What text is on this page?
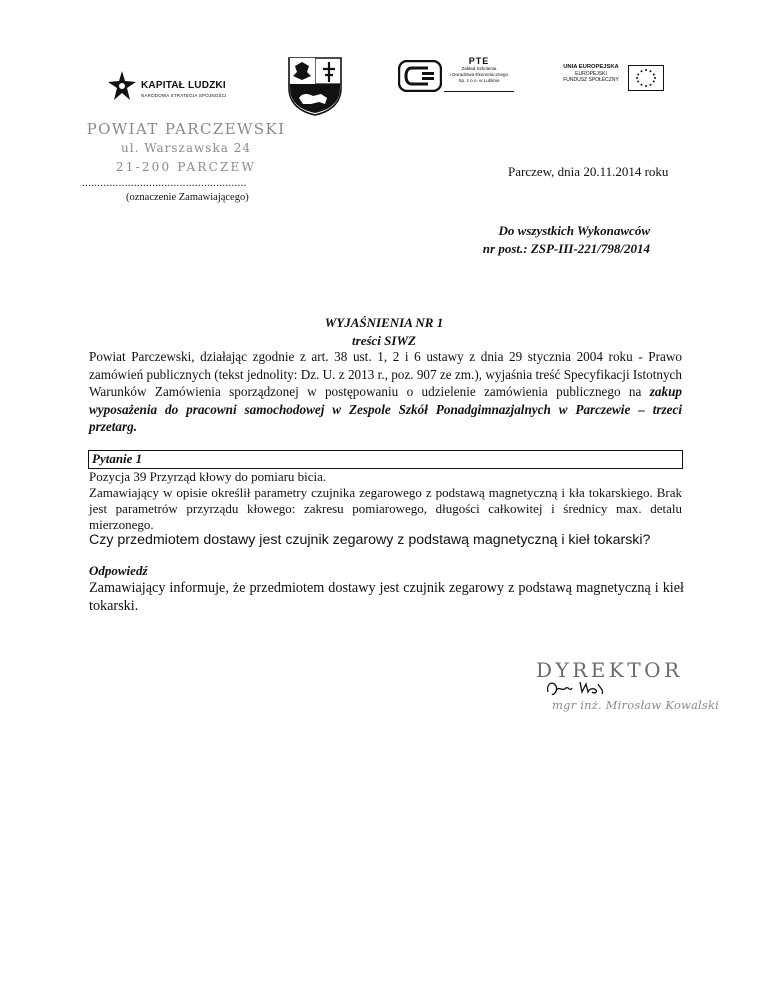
KAPITAŁ LUDZKI
NARODOWA STRATEGIA SPÓJNOŚCI
PTE
Zakład Szkolenia
i Doradztwa Ekonomicznego
Sp. z o.o. w Lublinie
UNIA EUROPEJSKA
EUROPEJSKI
FUNDUSZ SPOŁECZNY
POWIAT PARCZEWSKI
ul. Warszawska 24
21-200 PARCZEW
......................................................
(oznaczenie Zamawiającego)
Parczew, dnia 20.11.2014 roku
Do wszystkich Wykonawców
nr post.: ZSP-III-221/798/2014
WYJAŚNIENIA NR 1
treści SIWZ
Powiat Parczewski, działając zgodnie z art. 38 ust. 1, 2 i 6 ustawy z dnia 29 stycznia 2004 roku - Prawo zamówień publicznych (tekst jednolity: Dz. U. z 2013 r., poz. 907 ze zm.), wyjaśnia treść Specyfikacji Istotnych Warunków Zamówienia sporządzonej w postępowaniu o udzielenie zamówienia publicznego na zakup wyposażenia do pracowni samochodowej w Zespole Szkół Ponadgimnazjalnych w Parczewie – trzeci przetarg.
Pytanie 1
Pozycja 39 Przyrząd kłowy do pomiaru bicia.
Zamawiający w opisie określił parametry czujnika zegarowego z podstawą magnetyczną i kła tokarskiego. Brak jest parametrów przyrządu kłowego: zakresu pomiarowego, długości całkowitej i średnicy max. detalu mierzonego.
Czy przedmiotem dostawy jest czujnik zegarowy z podstawą magnetyczną i kieł tokarski?
Odpowiedź
Zamawiający informuje, że przedmiotem dostawy jest czujnik zegarowy z podstawą magnetyczną i kieł tokarski.
DYREKTOR
mgr inż. Mirosław Kowalski
